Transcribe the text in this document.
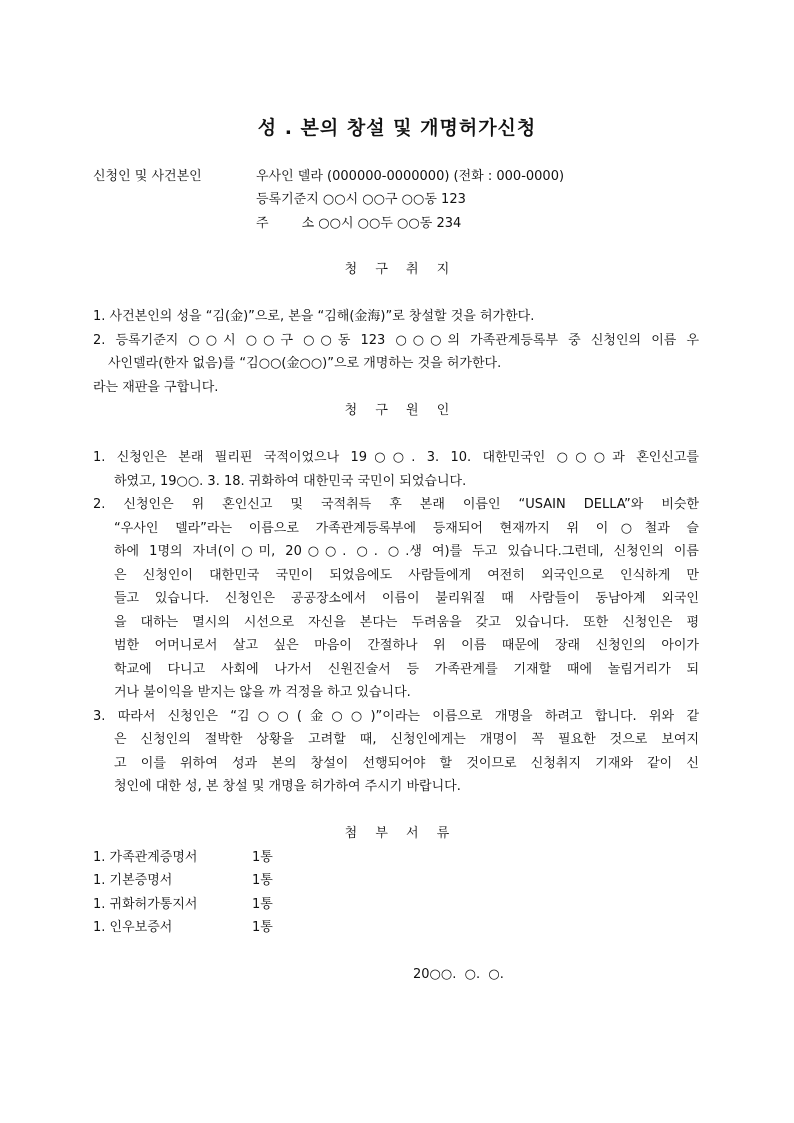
성 . 본의 창설 및 개명허가신청
신청인 및 사건본인	우사인 델라 (000000-0000000) (전화 : 000-0000)
등록기준지 ○○시 ○○구 ○○동 123
주        소 ○○시 ○○두 ○○동 234
청 구 취 지
1. 사건본인의 성을 “김(金)”으로, 본을 “김해(金海)”로 창설할 것을 허가한다.
2. 등록기준지 ○○시 ○○구 ○○동 123 ○○○의 가족관계등록부 중 신청인의 이름 우
사인델라(한자 없음)를 “김○○(金○○)”으로 개명하는 것을 허가한다.
라는 재판을 구합니다.
청 구 원 인
1. 신청인은 본래 필리핀 국적이었으나 19○○. 3. 10. 대한민국인 ○○○과 혼인신고를
하였고, 19○○. 3. 18. 귀화하여 대한민국 국민이 되었습니다.
2. 신청인은 위 혼인신고 및 국적취득 후 본래 이름인 “USAIN DELLA”와 비슷한
“우사인 델라”라는 이름으로 가족관계등록부에 등재되어 현재까지 위 이○철과 슬
하에 1명의 자녀(이○미, 20○○. ○. ○.생 여)를 두고 있습니다.그런데, 신청인의 이름
은 신청인이 대한민국 국민이 되었음에도 사람들에게 여전히 외국인으로 인식하게 만
들고 있습니다. 신청인은 공공장소에서 이름이 불리워질 때 사람들이 동남아계 외국인
을 대하는 멸시의 시선으로 자신을 본다는 두려움을 갖고 있습니다. 또한 신청인은 평
범한 어머니로서 살고 싶은 마음이 간절하나 위 이름 때문에 장래 신청인의 아이가
학교에 다니고 사회에 나가서 신원진술서 등 가족관계를 기재할 때에 놀림거리가 되
거나 불이익을 받지는 않을 까 걱정을 하고 있습니다.
3. 따라서 신청인은 “김○○(金○○)”이라는 이름으로 개명을 하려고 합니다. 위와 같
은 신청인의 절박한 상황을 고려할 때, 신청인에게는 개명이 꼭 필요한 것으로 보여지
고 이를 위하여 성과 본의 창설이 선행되어야 할 것이므로 신청취지 기재와 같이 신
청인에 대한 성, 본 창설 및 개명을 허가하여 주시기 바랍니다.
첨 부 서 류
1. 가족관계증명서	1통
1. 기본증명서	1통
1. 귀화허가통지서	1통
1. 인우보증서	1통
20○○.  ○.  ○.
